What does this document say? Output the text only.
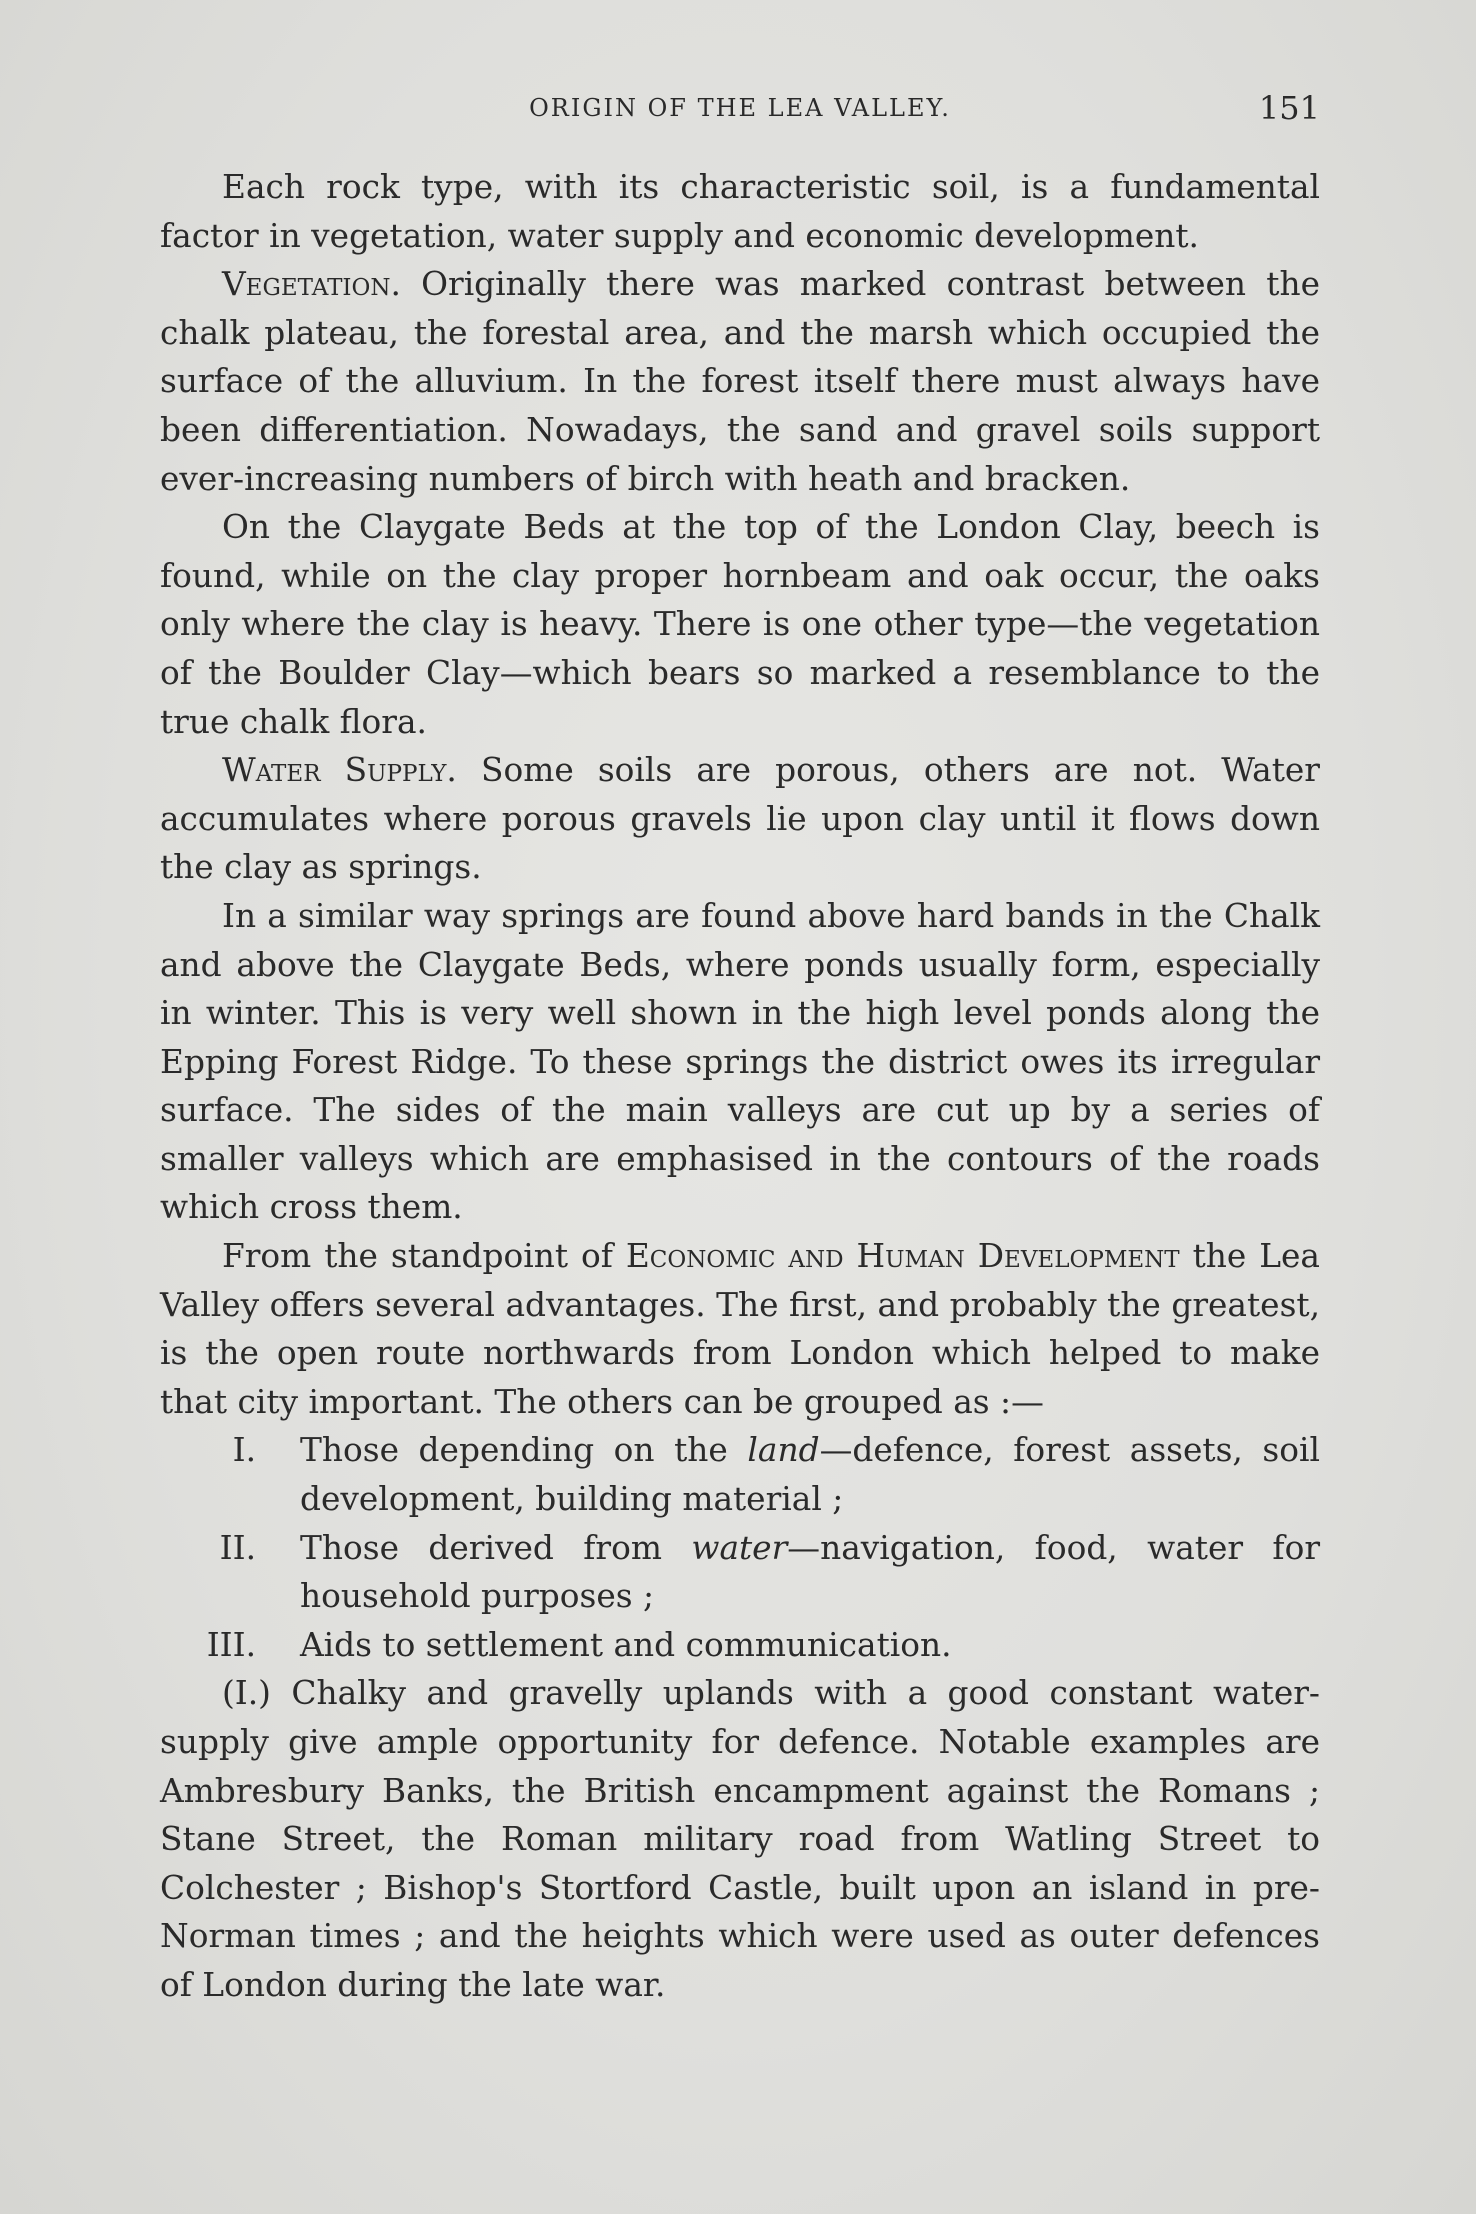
ORIGIN OF THE LEA VALLEY.	151

Each rock type, with its characteristic soil, is a fundamental factor in vegetation, water supply and economic development.

Vegetation. Originally there was marked contrast between the chalk plateau, the forestal area, and the marsh which occupied the surface of the alluvium. In the forest itself there must always have been differentiation. Nowadays, the sand and gravel soils support ever-increasing numbers of birch with heath and bracken.

On the Claygate Beds at the top of the London Clay, beech is found, while on the clay proper hornbeam and oak occur, the oaks only where the clay is heavy. There is one other type—the vegetation of the Boulder Clay—which bears so marked a resemblance to the true chalk flora.

Water Supply. Some soils are porous, others are not. Water accumulates where porous gravels lie upon clay until it flows down the clay as springs.

In a similar way springs are found above hard bands in the Chalk and above the Claygate Beds, where ponds usually form, especially in winter. This is very well shown in the high level ponds along the Epping Forest Ridge. To these springs the district owes its irregular surface. The sides of the main valleys are cut up by a series of smaller valleys which are emphasised in the contours of the roads which cross them.

From the standpoint of Economic and Human Development the Lea Valley offers several advantages. The first, and probably the greatest, is the open route northwards from London which helped to make that city important. The others can be grouped as :—

I. Those depending on the land—defence, forest assets, soil development, building material ;
II. Those derived from water—navigation, food, water for household purposes ;
III. Aids to settlement and communication.

(I.) Chalky and gravelly uplands with a good constant water-supply give ample opportunity for defence. Notable examples are Ambresbury Banks, the British encampment against the Romans ; Stane Street, the Roman military road from Watling Street to Colchester ; Bishop's Stortford Castle, built upon an island in pre-Norman times ; and the heights which were used as outer defences of London during the late war.
